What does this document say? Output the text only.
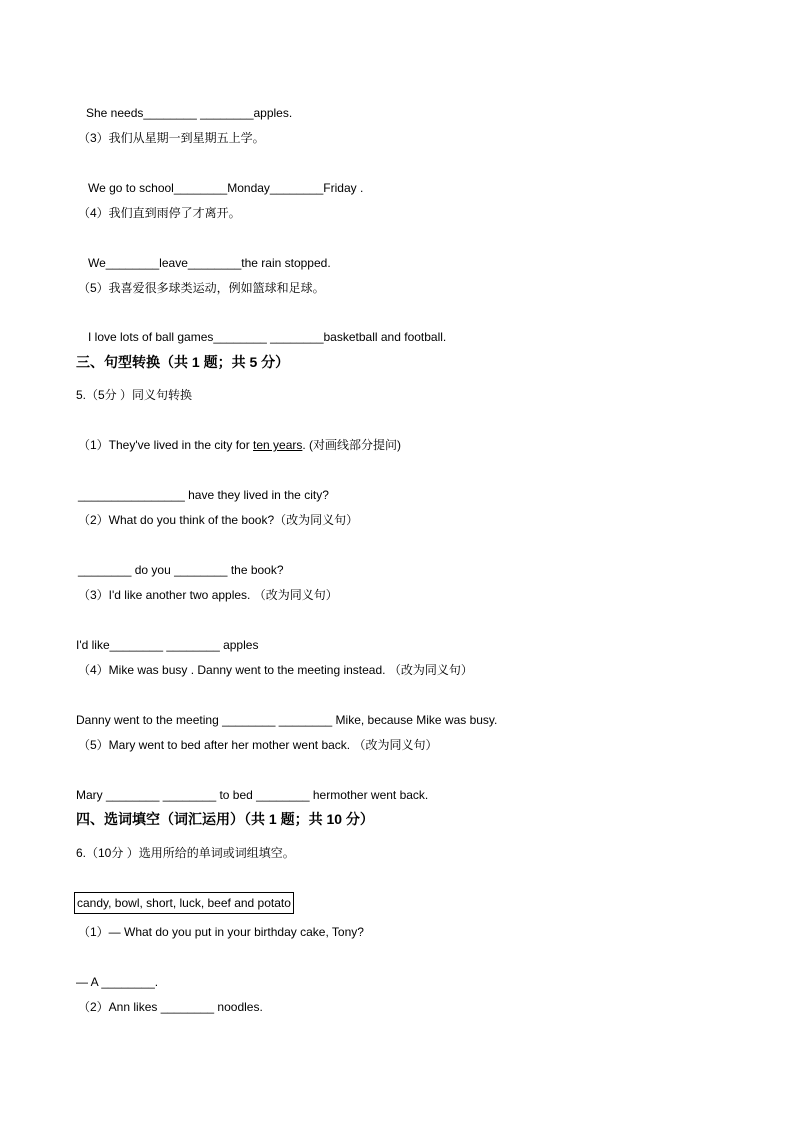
She needs________ ________apples.
（3）我们从星期一到星期五上学。
We go to school________Monday________Friday .
（4）我们直到雨停了才离开。
We________leave________the rain stopped.
（5）我喜爱很多球类运动，例如篮球和足球。
I love lots of ball games________ ________basketball and football.
三、句型转换（共 1 题；共 5 分）
5.（5分 ）同义句转换
（1）They've lived in the city for ten years. (对画线部分提问)
________________ have they lived in the city?
（2）What do you think of the book?（改为同义句）
________ do you ________ the book?
（3）I'd like another two apples. （改为同义句）
I'd like________ ________ apples
（4）Mike was busy . Danny went to the meeting instead. （改为同义句）
Danny went to the meeting ________ ________ Mike, because Mike was busy.
（5）Mary went to bed after her mother went back. （改为同义句）
Mary ________ ________ to bed ________ hermother went back.
四、选词填空（词汇运用）（共 1 题；共 10 分）
6.（10分 ）选用所给的单词或词组填空。
candy, bowl, short, luck, beef and potato
（1）— What do you put in your birthday cake, Tony?
— A ________.
（2）Ann likes ________ noodles.
